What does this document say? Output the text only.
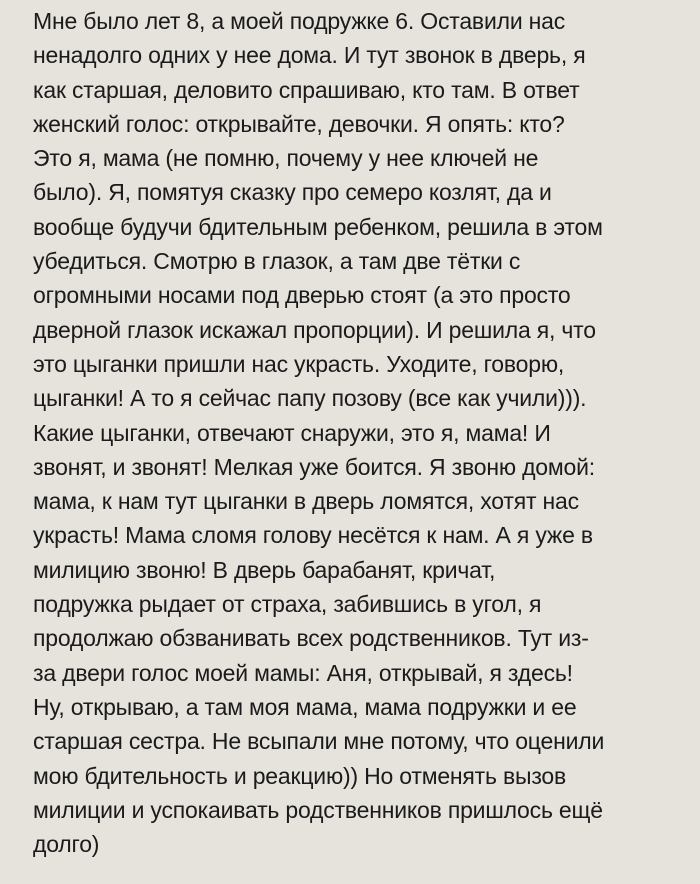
Мне было лет 8, а моей подружке 6. Оставили нас
ненадолго одних у нее дома. И тут звонок в дверь, я
как старшая, деловито спрашиваю, кто там. В ответ
женский голос: открывайте, девочки. Я опять: кто?
Это я, мама (не помню, почему у нее ключей не
было). Я, помятуя сказку про семеро козлят, да и
вообще будучи бдительным ребенком, решила в этом
убедиться. Смотрю в глазок, а там две тётки с
огромными носами под дверью стоят (а это просто
дверной глазок искажал пропорции). И решила я, что
это цыганки пришли нас украсть. Уходите, говорю,
цыганки! А то я сейчас папу позову (все как учили))).
Какие цыганки, отвечают снаружи, это я, мама! И
звонят, и звонят! Мелкая уже боится. Я звоню домой:
мама, к нам тут цыганки в дверь ломятся, хотят нас
украсть! Мама сломя голову несётся к нам. А я уже в
милицию звоню! В дверь барабанят, кричат,
подружка рыдает от страха, забившись в угол, я
продолжаю обзванивать всех родственников. Тут из-
за двери голос моей мамы: Аня, открывай, я здесь!
Ну, открываю, а там моя мама, мама подружки и ее
старшая сестра. Не всыпали мне потому, что оценили
мою бдительность и реакцию)) Но отменять вызов
милиции и успокаивать родственников пришлось ещё
долго)
